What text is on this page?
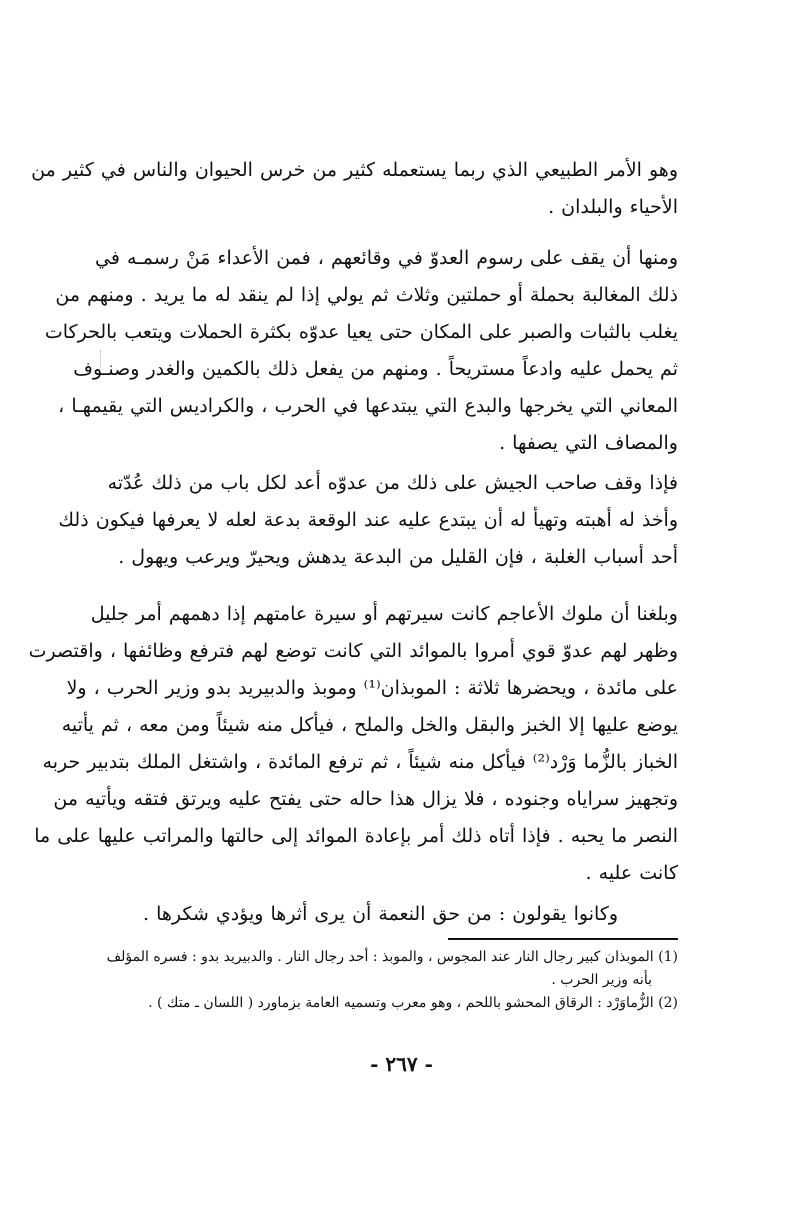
وهو الأمر الطبيعي الذي ربما يستعمله كثير من خرس الحيوان والناس في كثير من
الأحياء والبلدان .
ومنها أن يقف على رسوم العدوّ في وقائعهم ، فمن الأعداء مَنْ رسمـه في
ذلك المغالبة بحملة أو حملتين وثلاث ثم يولي إذا لم ينقد له ما يريد . ومنهم من
يغلب بالثبات والصبر على المكان حتى يعيا عدوّه بكثرة الحملات ويتعب بالحركات
ثم يحمل عليه وادعاً مستريحاً . ومنهم من يفعل ذلك بالكمين والغدر وصنـوف
المعاني التي يخرجها والبدع التي يبتدعها في الحرب ، والكراديس التي يقيمهـا ،
والمصاف التي يصفها .
فإذا وقف صاحب الجيش على ذلك من عدوّه أعد لكل باب من ذلك عُدّته
وأخذ له أهبته وتهيأ له أن يبتدع عليه عند الوقعة بدعة لعله لا يعرفها فيكون ذلك
أحد أسباب الغلبة ، فإن القليل من البدعة يدهش ويحيرّ ويرعب ويهول .
وبلغنا أن ملوك الأعاجم كانت سيرتهم أو سيرة عامتهم إذا دهمهم أمر جليل
وظهر لهم عدوّ قوي أمروا بالموائد التي كانت توضع لهم فترفع وظائفها ، واقتصرت
على مائدة ، ويحضرها ثلاثة : الموبذان⁽¹⁾ وموبذ والدبيريد بدو وزير الحرب ، ولا
يوضع عليها إلا الخبز والبقل والخل والملح ، فيأكل منه شيئاً ومن معه ، ثم يأتيه
الخباز بالزُّما وَرْد⁽²⁾ فيأكل منه شيئاً ، ثم ترفع المائدة ، واشتغل الملك بتدبير حربه
وتجهيز سراياه وجنوده ، فلا يزال هذا حاله حتى يفتح عليه ويرتق فتقه ويأتيه من
النصر ما يحبه . فإذا أتاه ذلك أمر بإعادة الموائد إلى حالتها والمراتب عليها على ما
كانت عليه .
وكانوا يقولون : من حق النعمة أن يرى أثرها ويؤدي شكرها .
(1) الموبذان كبير رجال النار عند المجوس ، والموبذ : أحد رجال النار . والدبيريد بدو : فسره المؤلف
بأنه وزير الحرب .
(2) الزُّماوَرْد : الرقاق المحشو باللحم ، وهو معرب وتسميه العامة بزماورد ( اللسان ـ متك ) .
- ٢٦٧ -
